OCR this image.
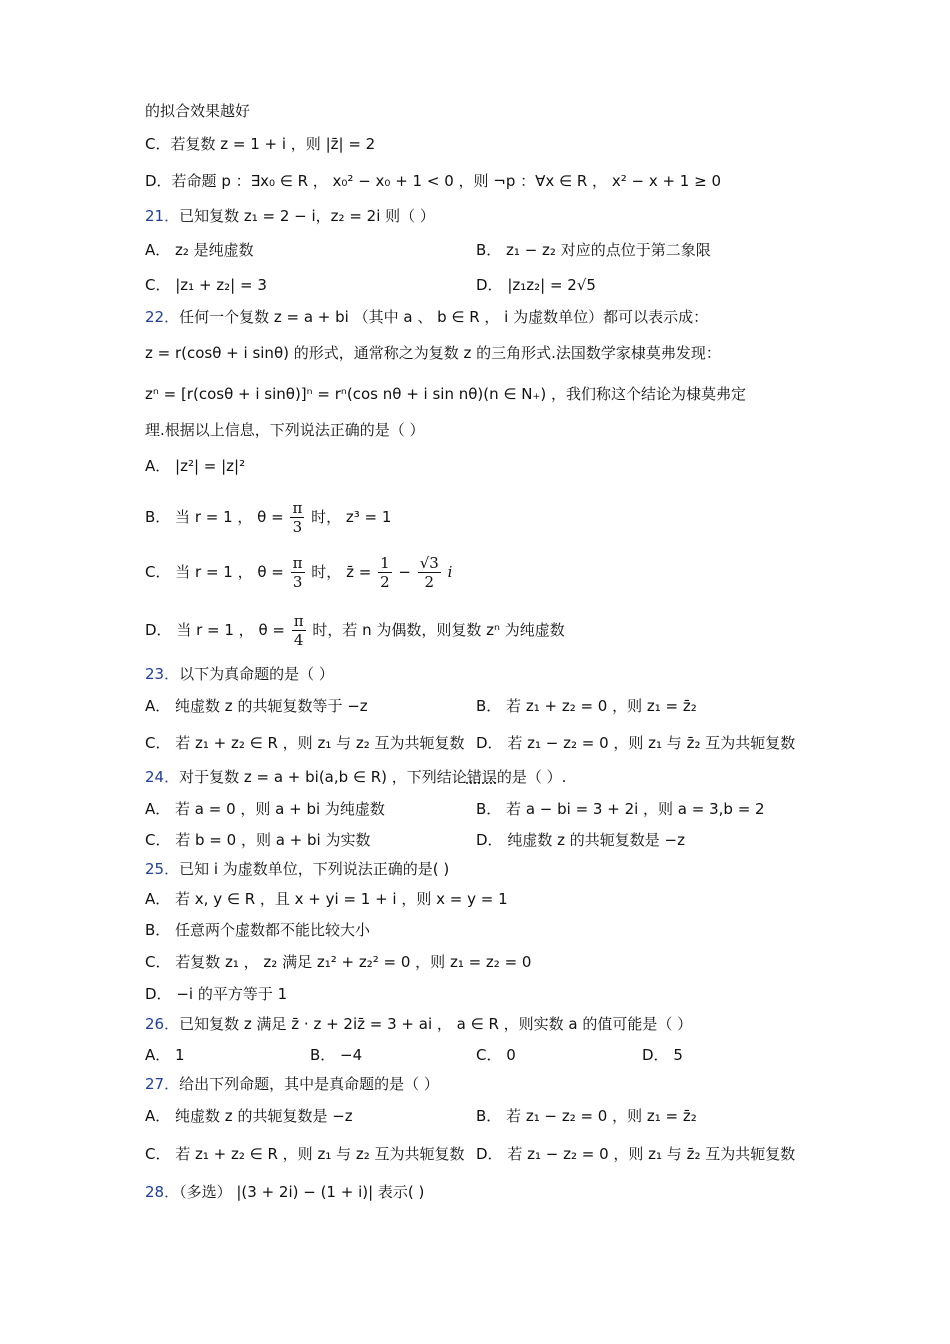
的拟合效果越好
C．若复数 z = 1 + i ，则 |z̄| = 2
D．若命题 p ：∃x₀ ∈ R ， x₀² − x₀ + 1 < 0 ，则 ¬p ：∀x ∈ R ， x² − x + 1 ≥ 0
21．已知复数 z₁ = 2 − i，z₂ = 2i 则（ ）
A． z₂ 是纯虚数	B． z₁ − z₂ 对应的点位于第二象限
C． |z₁ + z₂| = 3	D． |z₁z₂| = 2√5
22．任何一个复数 z = a + bi （其中 a 、 b ∈ R ， i 为虚数单位）都可以表示成：
z = r(cosθ + i sinθ) 的形式，通常称之为复数 z 的三角形式.法国数学家棣莫弗发现：
zⁿ = [r(cosθ + i sinθ)]ⁿ = rⁿ(cos nθ + i sin nθ)(n ∈ N₊) ，我们称这个结论为棣莫弗定
理.根据以上信息，下列说法正确的是（ ）
A． |z²| = |z|²
B． 当 r = 1 ， $\theta = \frac{\pi}{3}$ 时， z³ = 1
C． 当 r = 1 ， $\theta = \frac{\pi}{3}$ 时， z̄ = $\frac{1}{2} - \frac{√3}{2}$ i
D． 当 r = 1 ， $\theta = \frac{\pi}{4}$ 时，若 n 为偶数，则复数 zⁿ 为纯虚数
23．以下为真命题的是（ ）
A． 纯虚数 z 的共轭复数等于 −z	B． 若 z₁ + z₂ = 0 ，则 z₁ = z̄₂
C． 若 z₁ + z₂ ∈ R ，则 z₁ 与 z₂ 互为共轭复数 D． 若 z₁ − z₂ = 0 ，则 z₁ 与 z̄₂ 互为共轭复数
24．对于复数 z = a + bi(a,b ∈ R) ，下列结论错误的是（ ）.
A． 若 a = 0 ，则 a + bi 为纯虚数	B． 若 a − bi = 3 + 2i ，则 a = 3,b = 2
C． 若 b = 0 ，则 a + bi 为实数	D． 纯虚数 z 的共轭复数是 −z
25．已知 i 为虚数单位，下列说法正确的是( )
A． 若 x, y ∈ R ，且 x + yi = 1 + i ，则 x = y = 1
B． 任意两个虚数都不能比较大小
C． 若复数 z₁ ， z₂ 满足 z₁² + z₂² = 0 ，则 z₁ = z₂ = 0
D． −i 的平方等于 1
26．已知复数 z 满足 z̄ · z + 2iz̄ = 3 + ai ， a ∈ R ，则实数 a 的值可能是（ ）
A． 1	B． −4	C． 0	D． 5
27．给出下列命题，其中是真命题的是（ ）
A． 纯虚数 z 的共轭复数是 −z	B． 若 z₁ − z₂ = 0 ，则 z₁ = z̄₂
C． 若 z₁ + z₂ ∈ R ，则 z₁ 与 z₂ 互为共轭复数 D． 若 z₁ − z₂ = 0 ，则 z₁ 与 z̄₂ 互为共轭复数
28．（多选） |(3 + 2i) − (1 + i)| 表示( )
